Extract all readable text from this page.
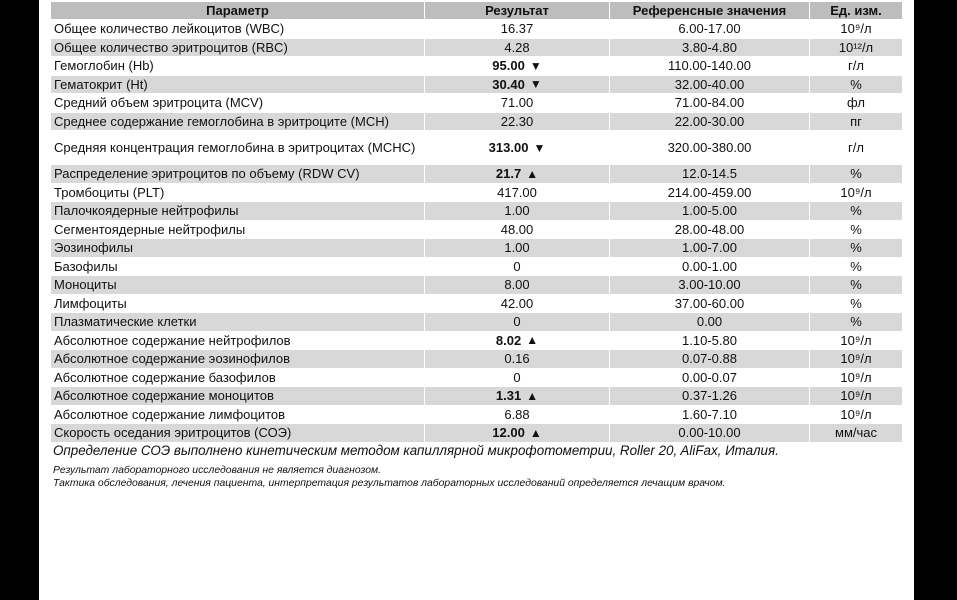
Параметр	Результат	Референсные значения	Ед. изм.
Общее количество лейкоцитов (WBC)	16.37	6.00-17.00	10⁹/л
Общее количество эритроцитов (RBC)	4.28	3.80-4.80	10¹²/л
Гемоглобин (Hb)	95.00 ▼	110.00-140.00	г/л
Гематокрит (Ht)	30.40 ▼	32.00-40.00	%
Средний объем эритроцита (MCV)	71.00	71.00-84.00	фл
Среднее содержание гемоглобина в эритроците (MCH)	22.30	22.00-30.00	пг
Средняя концентрация гемоглобина в эритроцитах (MCHC)	313.00 ▼	320.00-380.00	г/л
Распределение эритроцитов по объему (RDW CV)	21.7 ▲	12.0-14.5	%
Тромбоциты (PLT)	417.00	214.00-459.00	10⁹/л
Палочкоядерные нейтрофилы	1.00	1.00-5.00	%
Сегментоядерные нейтрофилы	48.00	28.00-48.00	%
Эозинофилы	1.00	1.00-7.00	%
Базофилы	0	0.00-1.00	%
Моноциты	8.00	3.00-10.00	%
Лимфоциты	42.00	37.00-60.00	%
Плазматические клетки	0	0.00	%
Абсолютное содержание нейтрофилов	8.02 ▲	1.10-5.80	10⁹/л
Абсолютное содержание эозинофилов	0.16	0.07-0.88	10⁹/л
Абсолютное содержание базофилов	0	0.00-0.07	10⁹/л
Абсолютное содержание моноцитов	1.31 ▲	0.37-1.26	10⁹/л
Абсолютное содержание лимфоцитов	6.88	1.60-7.10	10⁹/л
Скорость оседания эритроцитов (СОЭ)	12.00 ▲	0.00-10.00	мм/час

Определение СОЭ выполнено кинетическим методом капиллярной микрофотометрии, Roller 20, AliFax, Италия.

Результат лабораторного исследования не является диагнозом.

Тактика обследования, лечения пациента, интерпретация результатов лабораторных исследований определяется лечащим врачом.
